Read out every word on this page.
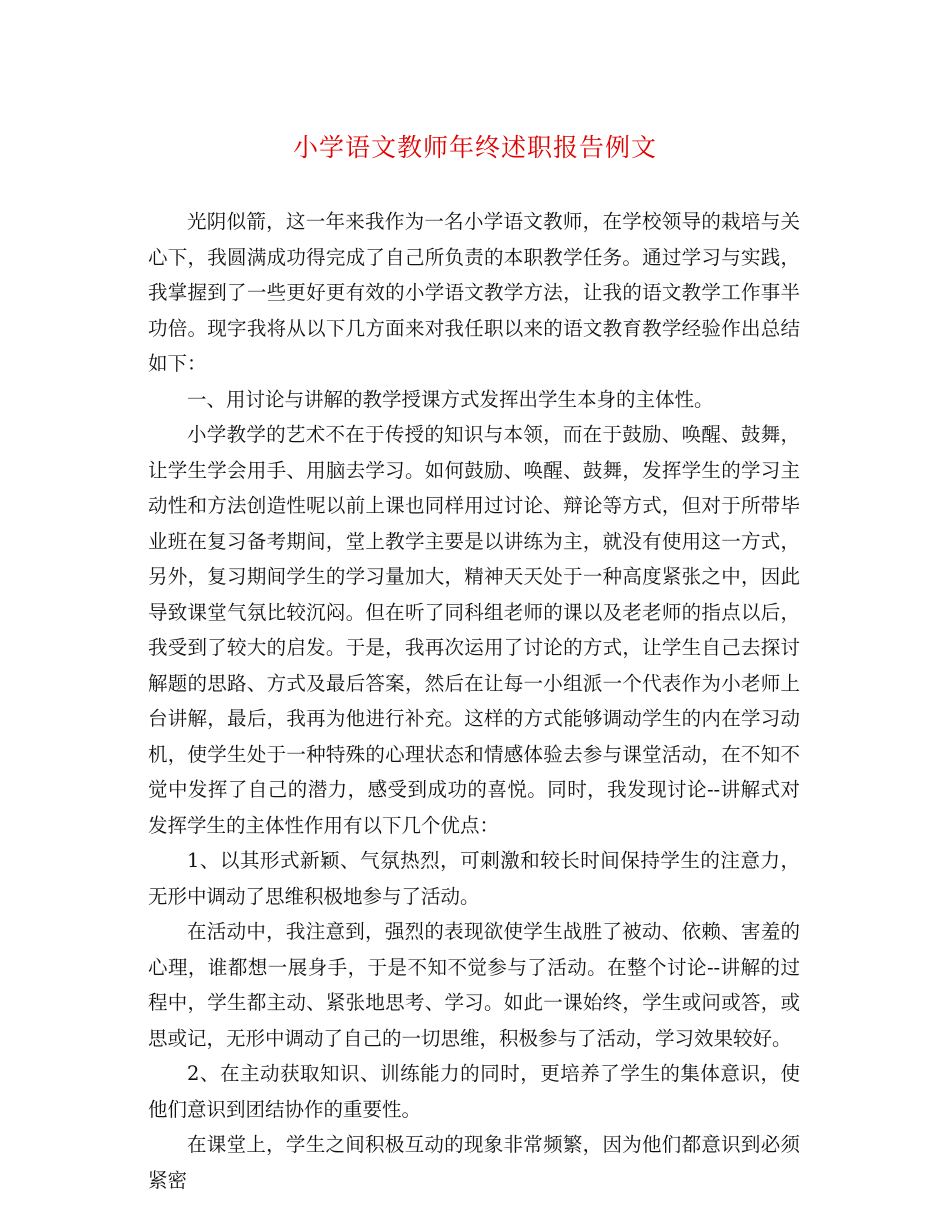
小学语文教师年终述职报告例文

光阴似箭，这一年来我作为一名小学语文教师，在学校领导的栽培与关心下，我圆满成功得完成了自己所负责的本职教学任务。通过学习与实践，我掌握到了一些更好更有效的小学语文教学方法，让我的语文教学工作事半功倍。现字我将从以下几方面来对我任职以来的语文教育教学经验作出总结如下：

一、用讨论与讲解的教学授课方式发挥出学生本身的主体性。

小学教学的艺术不在于传授的知识与本领，而在于鼓励、唤醒、鼓舞，让学生学会用手、用脑去学习。如何鼓励、唤醒、鼓舞，发挥学生的学习主动性和方法创造性呢以前上课也同样用过讨论、辩论等方式，但对于所带毕业班在复习备考期间，堂上教学主要是以讲练为主，就没有使用这一方式，另外，复习期间学生的学习量加大，精神天天处于一种高度紧张之中，因此导致课堂气氛比较沉闷。但在听了同科组老师的课以及老老师的指点以后，我受到了较大的启发。于是，我再次运用了讨论的方式，让学生自己去探讨解题的思路、方式及最后答案，然后在让每一小组派一个代表作为小老师上台讲解，最后，我再为他进行补充。这样的方式能够调动学生的内在学习动机，使学生处于一种特殊的心理状态和情感体验去参与课堂活动，在不知不觉中发挥了自己的潜力，感受到成功的喜悦。同时，我发现讨论--讲解式对发挥学生的主体性作用有以下几个优点：

1、以其形式新颖、气氛热烈，可刺激和较长时间保持学生的注意力，无形中调动了思维积极地参与了活动。

在活动中，我注意到，强烈的表现欲使学生战胜了被动、依赖、害羞的心理，谁都想一展身手，于是不知不觉参与了活动。在整个讨论--讲解的过程中，学生都主动、紧张地思考、学习。如此一课始终，学生或问或答，或思或记，无形中调动了自己的一切思维，积极参与了活动，学习效果较好。

2、在主动获取知识、训练能力的同时，更培养了学生的集体意识，使他们意识到团结协作的重要性。

在课堂上，学生之间积极互动的现象非常频繁，因为他们都意识到必须紧密
